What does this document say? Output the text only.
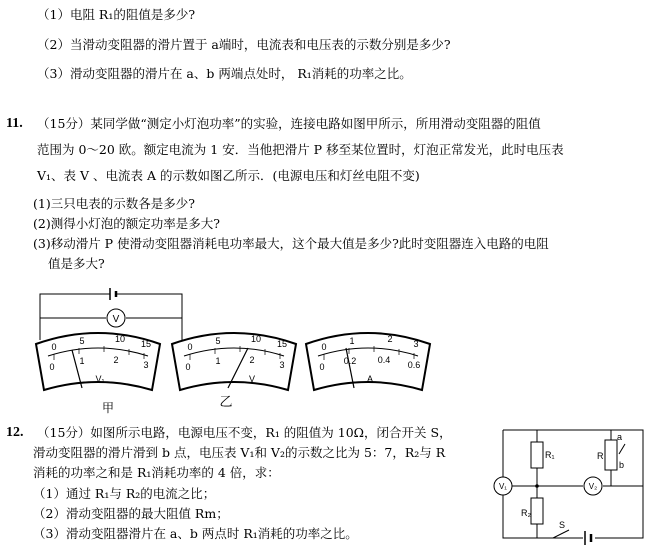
（1）电阻 R₁的阻值是多少?
（2）当滑动变阻器的滑片置于 a端时，电流表和电压表的示数分别是多少?
（3）滑动变阻器的滑片在 a、b 两端点处时， R₁消耗的功率之比。
11. （15分）某同学做“测定小灯泡功率”的实验，连接电路如图甲所示，所用滑动变阻器的阻值
范围为 0～20 欧。额定电流为 1 安．当他把滑片 P 移至某位置时，灯泡正常发光，此时电压表
V₁、表 V 、电流表 A 的示数如图乙所示．(电源电压和灯丝电阻不变)
(1)三只电表的示数各是多少?
(2)测得小灯泡的额定功率是多大?
(3)移动滑片 P 使滑动变阻器消耗电功率最大，这个最大值是多少?此时变阻器连入电路的电阻
值是多大?
V
0
5	10 15
0
1	2	3
V₁
0
5	10 15
0
1	2	3
V
0
1	2 3
0
0.2 0.4 0.6
A
甲	乙
12. （15分）如图所示电路，电源电压不变，R₁ 的阻值为 10Ω，闭合开关 S，
滑动变阻器的滑片滑到 b 点，电压表 V₁和 V₂的示数之比为 5：7，R₂与 R
消耗的功率之和是 R₁消耗功率的 4 倍，求：
（1）通过 R₁与 R₂的电流之比；
（2）滑动变阻器的最大阻值 Rm；
（3）滑动变阻器滑片在 a、b 两点时 R₁消耗的功率之比。
R₁
R₂
R
a
b
S
V₁	V₂
